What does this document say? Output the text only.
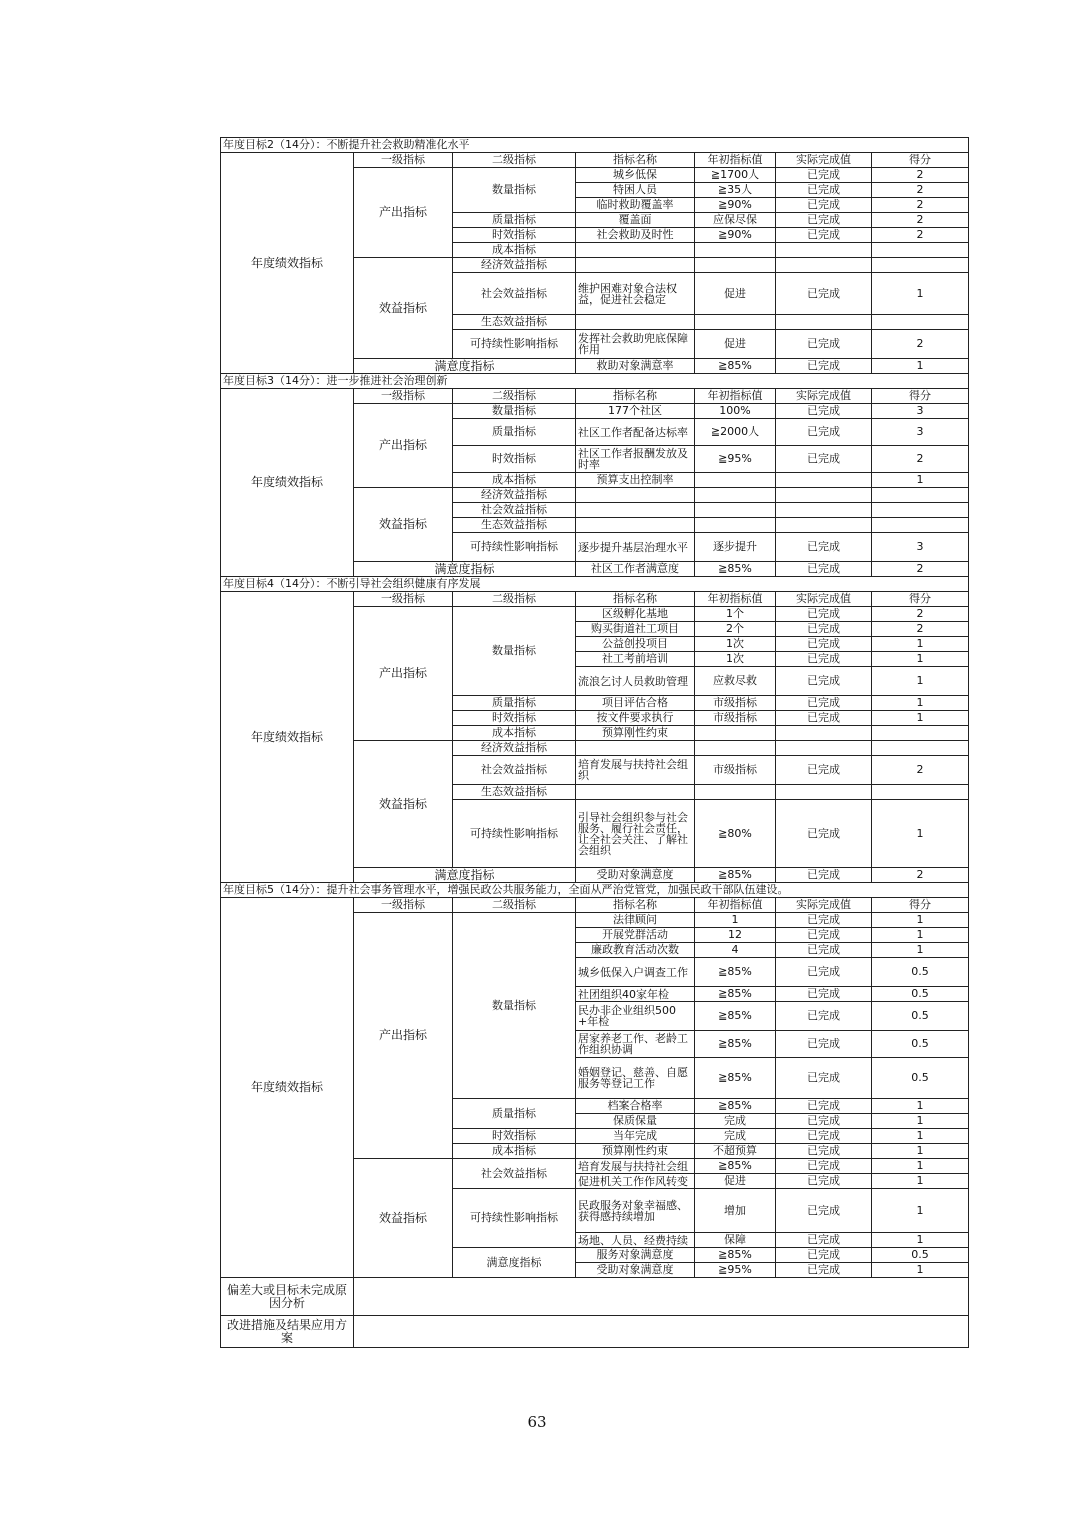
年度目标2（14分）：不断提升社会救助精准化水平						
年度绩效指标	一级指标	二级指标	指标名称	年初指标值	实际完成值	得分
	产出指标	数量指标	城乡低保	≧1700人	已完成	2
			特困人员	≧35人	已完成	2
			临时救助覆盖率	≧90%	已完成	2
		质量指标	覆盖面	应保尽保	已完成	2
		时效指标	社会救助及时性	≧90%	已完成	2
		成本指标				
	效益指标	经济效益指标				
		社会效益指标	维护困难对象合法权益，促进社会稳定	促进	已完成	1
		生态效益指标				
		可持续性影响指标	发挥社会救助兜底保障作用	促进	已完成	2
	满意度指标		救助对象满意率	≧85%	已完成	1
年度目标3（14分）：进一步推进社会治理创新						
年度绩效指标	一级指标	二级指标	指标名称	年初指标值	实际完成值	得分
	产出指标	数量指标	177个社区	100%	已完成	3
		质量指标	社区工作者配备达标率	≧2000人	已完成	3
		时效指标	社区工作者报酬发放及时率	≧95%	已完成	2
		成本指标	预算支出控制率			1
	效益指标	经济效益指标				
		社会效益指标				
		生态效益指标				
		可持续性影响指标	逐步提升基层治理水平	逐步提升	已完成	3
	满意度指标		社区工作者满意度	≧85%	已完成	2
年度目标4（14分）：不断引导社会组织健康有序发展						
年度绩效指标	一级指标	二级指标	指标名称	年初指标值	实际完成值	得分
	产出指标	数量指标	区级孵化基地	1个	已完成	2
			购买街道社工项目	2个	已完成	2
			公益创投项目	1次	已完成	1
			社工考前培训	1次	已完成	1
			流浪乞讨人员救助管理	应救尽救	已完成	1
		质量指标	项目评估合格	市级指标	已完成	1
		时效指标	按文件要求执行	市级指标	已完成	1
		成本指标	预算刚性约束			
	效益指标	经济效益指标				
		社会效益指标	培育发展与扶持社会组织	市级指标	已完成	2
		生态效益指标				
		可持续性影响指标	引导社会组织参与社会服务、履行社会责任，让全社会关注、了解社会组织	≧80%	已完成	1
	满意度指标		受助对象满意度	≧85%	已完成	2
年度目标5（14分）：提升社会事务管理水平，增强民政公共服务能力，全面从严治党管党，加强民政干部队伍建设。						
年度绩效指标	一级指标	二级指标	指标名称	年初指标值	实际完成值	得分
	产出指标	数量指标	法律顾问	1	已完成	1
			开展党群活动	12	已完成	1
			廉政教育活动次数	4	已完成	1
			城乡低保入户调查工作	≧85%	已完成	0.5
			社团组织40家年检	≧85%	已完成	0.5
			民办非企业组织500+年检	≧85%	已完成	0.5
			居家养老工作、老龄工作组织协调	≧85%	已完成	0.5
			婚姻登记、慈善、自愿服务等登记工作	≧85%	已完成	0.5
		质量指标	档案合格率	≧85%	已完成	1
			保质保量	完成	已完成	1
		时效指标	当年完成	完成	已完成	1
		成本指标	预算刚性约束	不超预算	已完成	1
	效益指标	社会效益指标	培育发展与扶持社会组	≧85%	已完成	1
			促进机关工作作风转变	促进	已完成	1
		可持续性影响指标	民政服务对象幸福感、获得感持续增加	增加	已完成	1
			场地、人员、经费持续	保障	已完成	1
		满意度指标	服务对象满意度	≧85%	已完成	0.5
			受助对象满意度	≧95%	已完成	1
偏差大或目标未完成原因分析						
改进措施及结果应用方案						
63
